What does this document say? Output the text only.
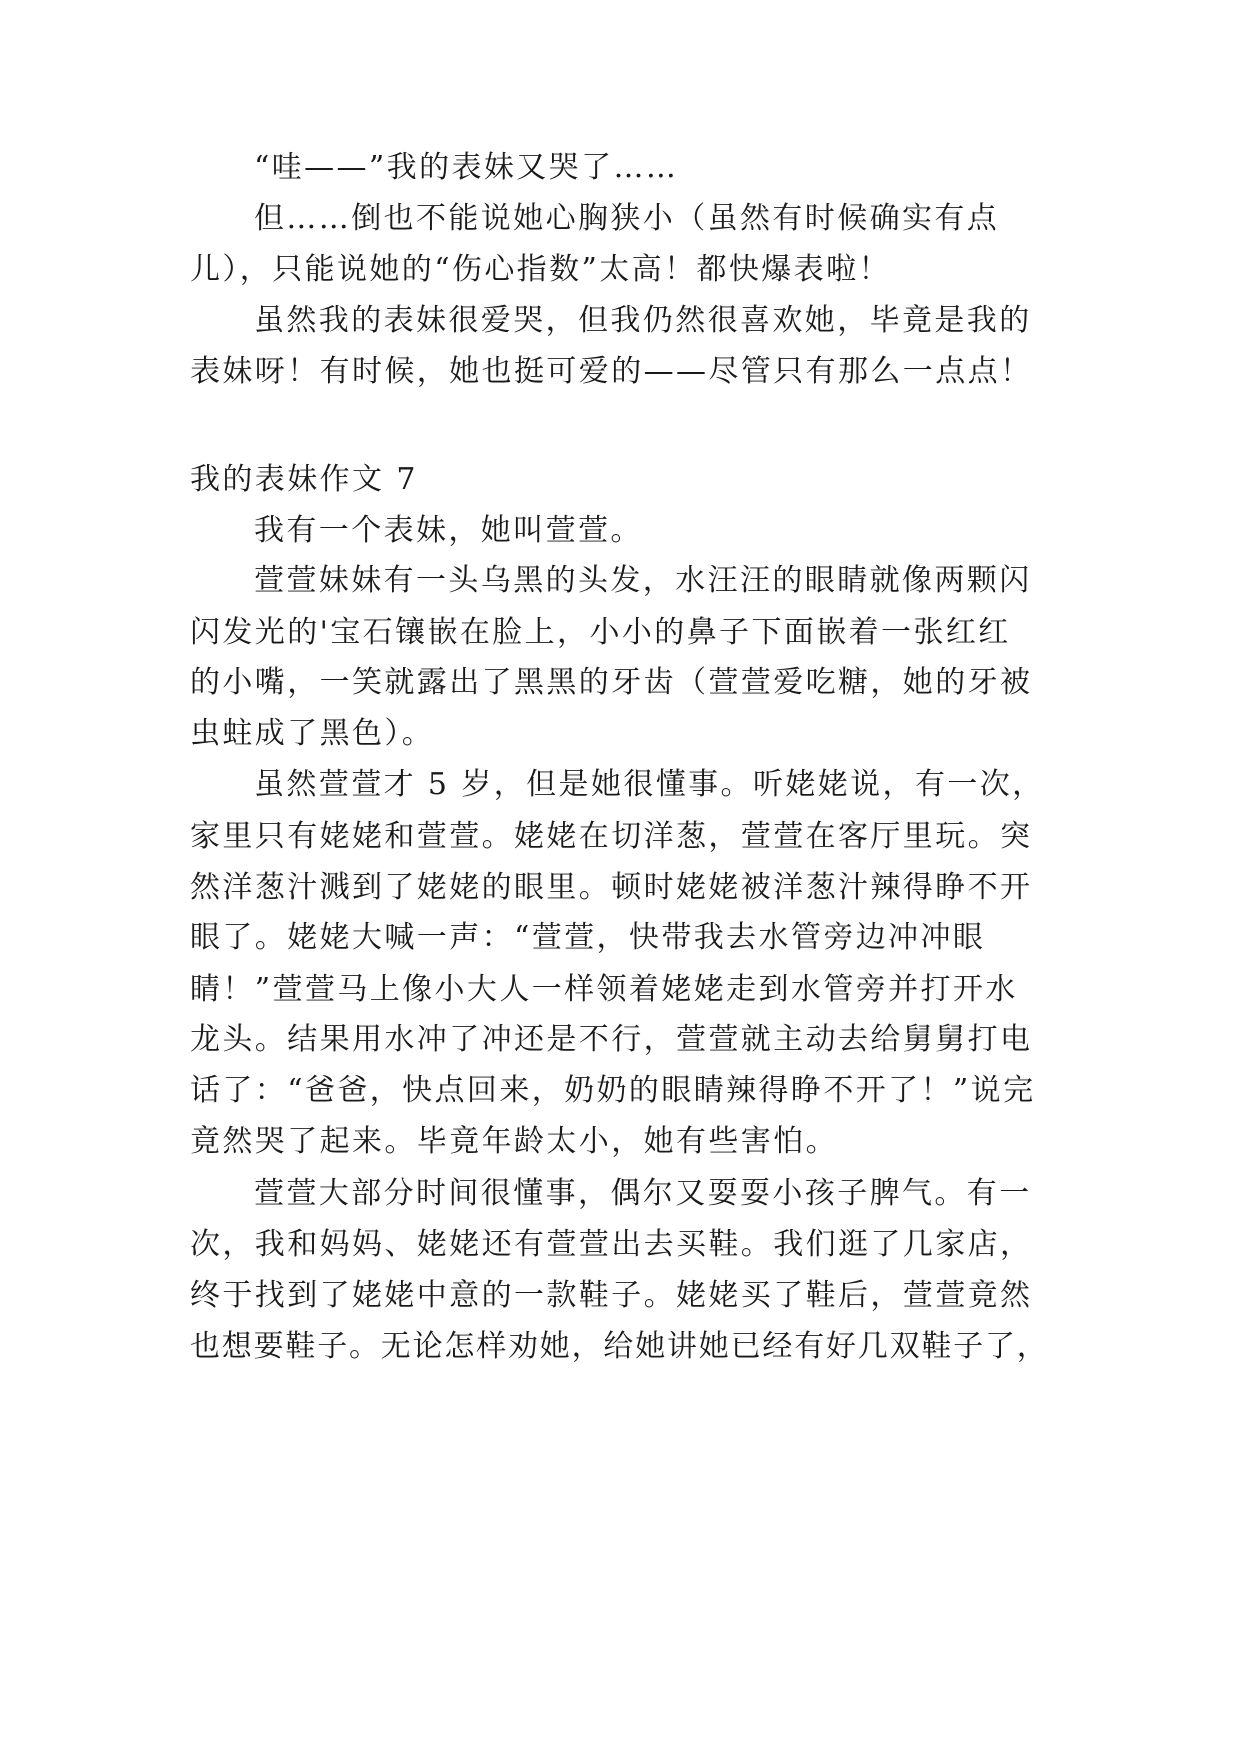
“哇——”我的表妹又哭了……
但……倒也不能说她心胸狭小（虽然有时候确实有点
儿），只能说她的“伤心指数”太高！都快爆表啦！
虽然我的表妹很爱哭，但我仍然很喜欢她，毕竟是我的
表妹呀！有时候，她也挺可爱的——尽管只有那么一点点！
我的表妹作文 7
我有一个表妹，她叫萱萱。
萱萱妹妹有一头乌黑的头发，水汪汪的眼睛就像两颗闪
闪发光的'宝石镶嵌在脸上，小小的鼻子下面嵌着一张红红
的小嘴，一笑就露出了黑黑的牙齿（萱萱爱吃糖，她的牙被
虫蛀成了黑色）。
虽然萱萱才 5 岁，但是她很懂事。听姥姥说，有一次，
家里只有姥姥和萱萱。姥姥在切洋葱，萱萱在客厅里玩。突
然洋葱汁溅到了姥姥的眼里。顿时姥姥被洋葱汁辣得睁不开
眼了。姥姥大喊一声：“萱萱，快带我去水管旁边冲冲眼
睛！”萱萱马上像小大人一样领着姥姥走到水管旁并打开水
龙头。结果用水冲了冲还是不行，萱萱就主动去给舅舅打电
话了：“爸爸，快点回来，奶奶的眼睛辣得睁不开了！”说完
竟然哭了起来。毕竟年龄太小，她有些害怕。
萱萱大部分时间很懂事，偶尔又耍耍小孩子脾气。有一
次，我和妈妈、姥姥还有萱萱出去买鞋。我们逛了几家店，
终于找到了姥姥中意的一款鞋子。姥姥买了鞋后，萱萱竟然
也想要鞋子。无论怎样劝她，给她讲她已经有好几双鞋子了，
